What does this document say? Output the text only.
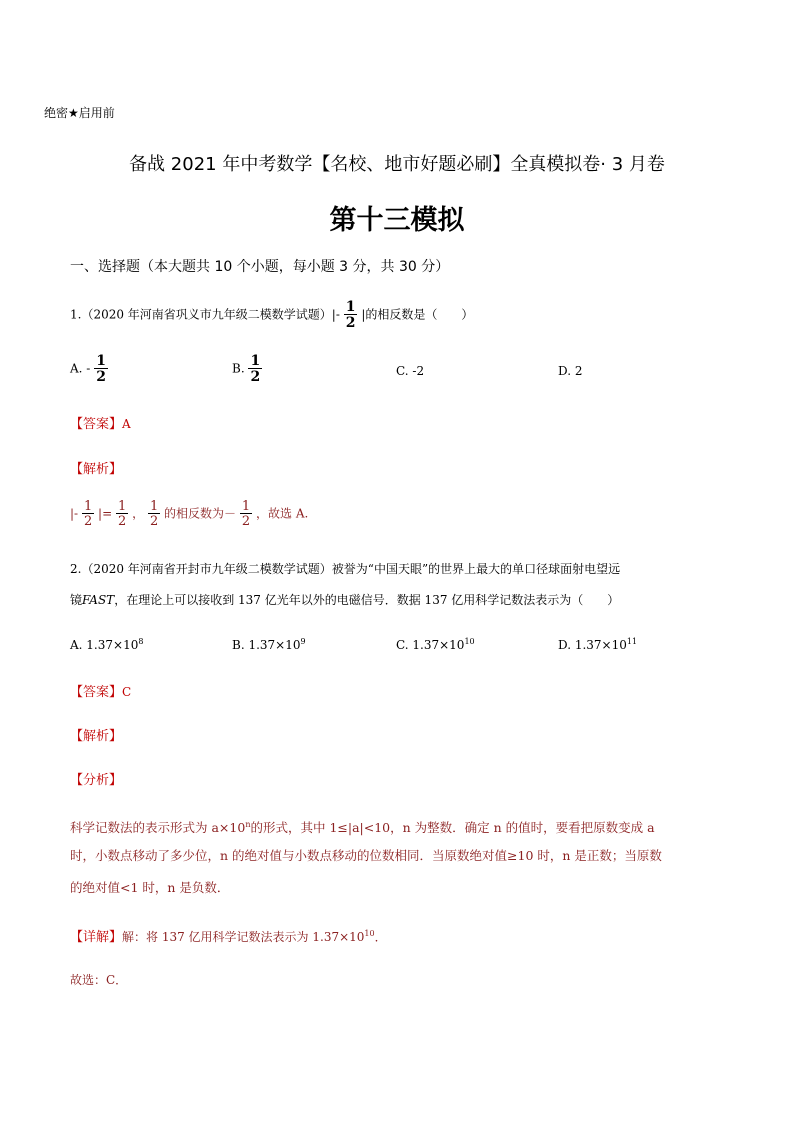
绝密★启用前
备战 2021 年中考数学【名校、地市好题必刷】全真模拟卷· 3 月卷
第十三模拟
一、选择题（本大题共 10 个小题，每小题 3 分，共 30 分）
1.（2020 年河南省巩义市九年级二模数学试题）|- $\frac{1}{2}$ |的相反数是（　　）
A. - $\frac{1}{2}$	B. $\frac{1}{2}$	C. -2	D. 2
【答案】A
【解析】
|- $\frac{1}{2}$ |= $\frac{1}{2}$ ， $\frac{1}{2}$ 的相反数为－ $\frac{1}{2}$ ，故选 A.
2.（2020 年河南省开封市九年级二模数学试题）被誉为“中国天眼”的世界上最大的单口径球面射电望远
镜FAST，在理论上可以接收到 137 亿光年以外的电磁信号．数据 137 亿用科学记数法表示为（　　）
A. $1.37\times 10^8$	B. $1.37\times 10^9$	C. $1.37\times 10^{10}$	D. $1.37\times 10^{11}$
【答案】C
【解析】
【分析】
科学记数法的表示形式为 $a\times 10^n$的形式，其中 1≤|a|<10，n 为整数．确定 n 的值时，要看把原数变成 a
时，小数点移动了多少位，n 的绝对值与小数点移动的位数相同．当原数绝对值≥10 时，n 是正数；当原数
的绝对值<1 时，n 是负数．
【详解】解：将 137 亿用科学记数法表示为 $1.37\times 10^{10}$．
故选：C．
